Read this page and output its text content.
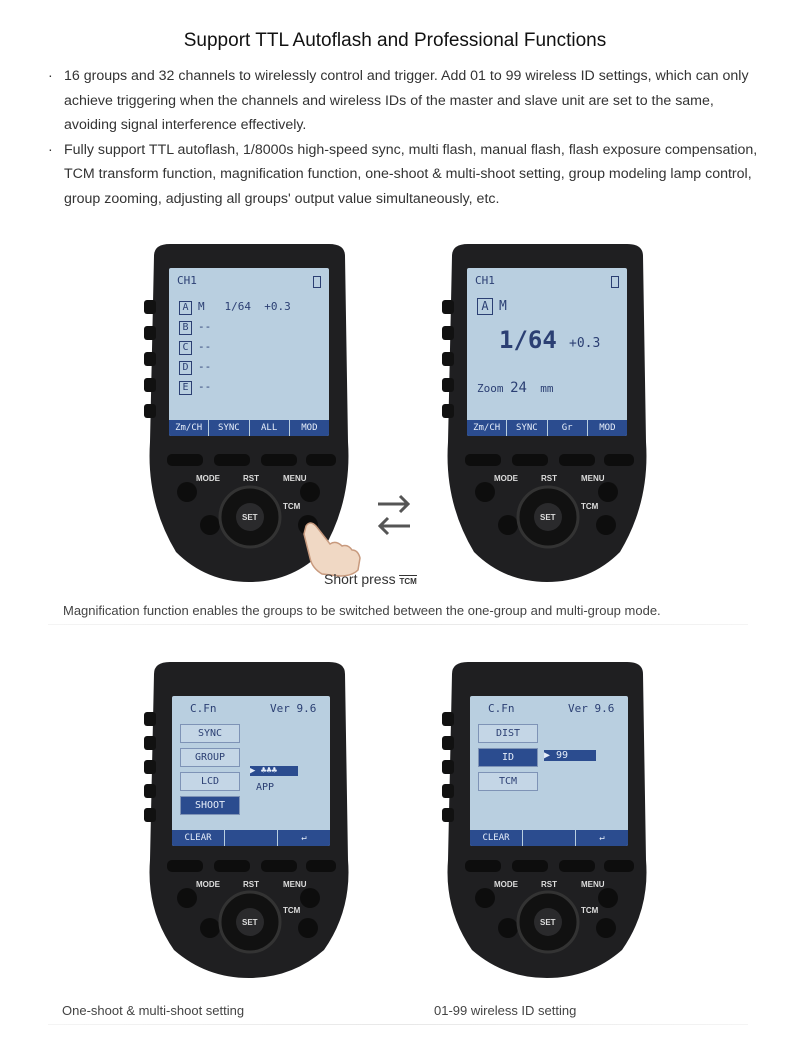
Support TTL Autoflash and Professional Functions
· 16 groups and 32 channels to wirelessly control and trigger. Add 01 to 99 wireless ID settings, which can only achieve triggering when the channels and wireless IDs of the master and slave unit are set to the same, avoiding signal interference effectively.
· Fully support TTL autoflash, 1/8000s high-speed sync, multi flash, manual flash, flash exposure compensation, TCM transform function, magnification function, one-shoot & multi-shoot setting, group modeling lamp control, group zooming, adjusting all groups' output value simultaneously, etc.
CH1
A M   1/64  +0.3
B --
C --
D --
E --
Zm/CH	SYNC	ALL	MOD
MODE	RST	MENU
TCM
SET
Short press TCM
CH1
A M
1/64 +0.3
Zoom 24 mm
Zm/CH	SYNC	Gr	MOD
MODE	RST	MENU
TCM
SET
Magnification function enables the groups to be switched between the one-group and multi-group mode.
C.Fn	Ver 9.6
SYNC
GROUP
LCD
SHOOT
▶ ♣♣♣
APP
CLEAR	↵
MODE	RST	MENU
TCM
SET
C.Fn	Ver 9.6
DIST
ID
TCM
▶ 99
CLEAR	↵
MODE	RST	MENU
TCM
SET
One-shoot & multi-shoot setting	01-99 wireless ID setting
